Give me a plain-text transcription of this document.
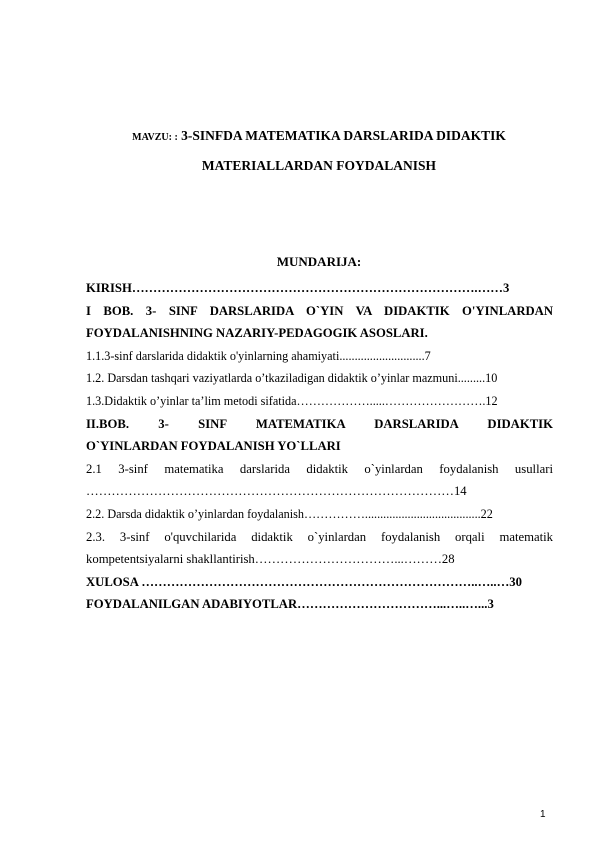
MAVZU: : 3-SINFDA MATEMATIKA DARSLARIDA DIDAKTIK
MATERIALLARDAN FOYDALANISH
MUNDARIJA:
KIRISH……………………………………………………………………….……3
I BOB. 3- SINF DARSLARIDA O`YIN VA DIDAKTIK O'YINLARDAN
FOYDALANISHNING NAZARIY-PEDAGOGIK ASOSLARI.
1.1.3-sinf darslarida didaktik o'yinlarning ahamiyati............................7
1.2. Darsdan tashqari vaziyatlarda o’tkaziladigan didaktik o’yinlar mazmuni.........10
1.3.Didaktik o’yinlar ta’lim metodi sifatida……………….....…………………….12
II.BOB. 3- SINF MATEMATIKA DARSLARIDA DIDAKTIK
O`YINLARDAN FOYDALANISH YO`LLARI
2.1 3-sinf matematika darslarida didaktik o`yinlardan foydalanish usullari
……………………………………………………………………………14
2.2. Darsda didaktik o’yinlardan foydalanish……………......................................22
2.3. 3-sinf o'quvchilarida didaktik o`yinlardan foydalanish orqali matematik
kompetentsiyalarni shakllantirish……………………………...………28
XULOSA ……………………………………………………………………..…..…30
FOYDALANILGAN ADABIYOTLAR……………………………...…..…...3
1
